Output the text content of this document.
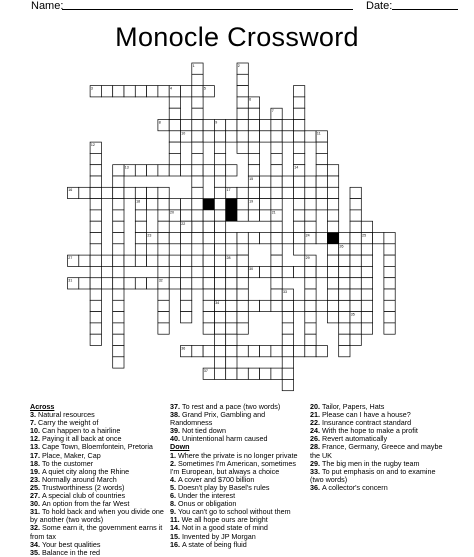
Name:	Date:
Monocle Crossword
3	4	5
8	9
10
13
15
16	17
18	19
20
23	24	25
27	28
30
31	32
34
36
37
1	2
6
7
21
14
11
12
22
33
29
26
35
Across
3. Natural resources
7. Carry the weight of
10. Can happen to a hairline
12. Paying it all back at once
13. Cape Town, Bloemfontein, Pretoria
17. Place, Maker, Cap
18. To the customer
19. A quiet city along the Rhine
23. Normally around March
25. Trustworthiness (2 words)
27. A special club of countries
30. An option from the far West
31. To hold back and when you divide one by another (two words)
32. Some earn it, the government earns it from tax
34. Your best qualities
35. Balance in the red
37. To rest and a pace (two words)
38. Grand Prix, Gambling and Randomness
39. Not tied down
40. Unintentional harm caused
Down
1. Where the private is no longer private
2. Sometimes I'm American, sometimes I'm European, but always a choice
4. A cover and $700 billion
5. Doesn't play by Basel's rules
6. Under the interest
8. Onus or obligation
9. You can't go to school without them
11. We all hope ours are bright
14. Not in a good state of mind
15. Invented by JP Morgan
16. A state of being fluid
20. Tailor, Papers, Hats
21. Please can I have a house?
22. Insurance contract standard
24. With the hope to make a profit
26. Revert automatically
28. France, Germany, Greece and maybe the UK
29. The big men in the rugby team
33. To put emphasis on and to examine (two words)
36. A collector's concern
